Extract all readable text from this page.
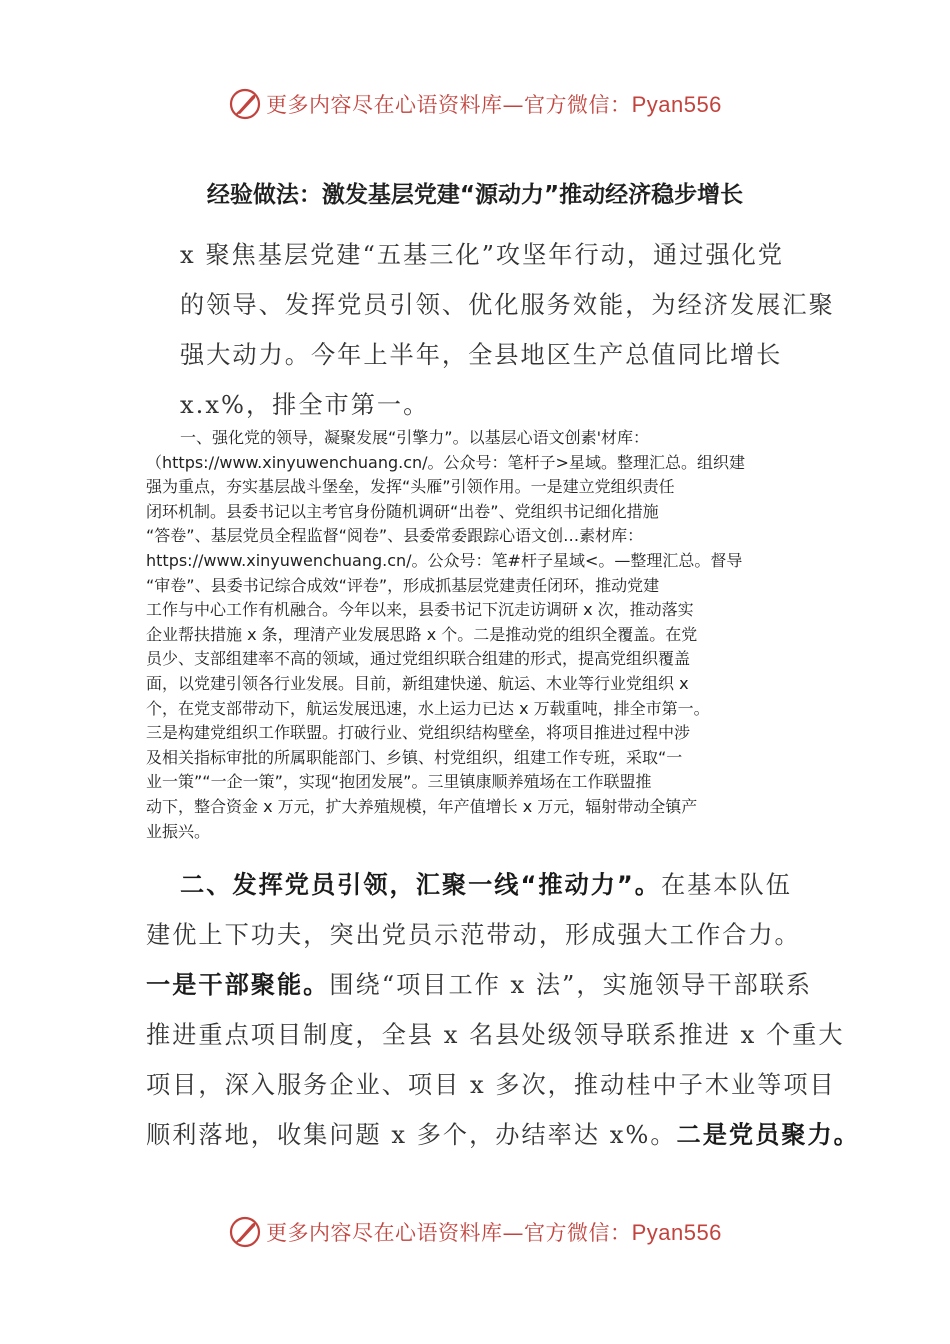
更多内容尽在心语资料库—官方微信：Pyan556
经验做法：激发基层党建“源动力”推动经济稳步增长
x 聚焦基层党建“五基三化”攻坚年行动，通过强化党
的领导、发挥党员引领、优化服务效能，为经济发展汇聚
强大动力。今年上半年，全县地区生产总值同比增长
x.x%，排全市第一。
一、强化党的领导，凝聚发展“引擎力”。以基层心语文创素'材库：
（https://www.xinyuwenchuang.cn/。公众号：笔杆子>星域。整理汇总。组织建
强为重点，夯实基层战斗堡垒，发挥“头雁”引领作用。一是建立党组织责任
闭环机制。县委书记以主考官身份随机调研“出卷”、党组织书记细化措施
“答卷”、基层党员全程监督“阅卷”、县委常委跟踪心语文创…素材库：
https://www.xinyuwenchuang.cn/。公众号：笔#杆子星域<。—整理汇总。督导
“审卷”、县委书记综合成效“评卷”，形成抓基层党建责任闭环，推动党建
工作与中心工作有机融合。今年以来，县委书记下沉走访调研 x 次，推动落实
企业帮扶措施 x 条，理清产业发展思路 x 个。二是推动党的组织全覆盖。在党
员少、支部组建率不高的领域，通过党组织联合组建的形式，提高党组织覆盖
面，以党建引领各行业发展。目前，新组建快递、航运、木业等行业党组织 x
个，在党支部带动下，航运发展迅速，水上运力已达 x 万载重吨，排全市第一。
三是构建党组织工作联盟。打破行业、党组织结构壁垒，将项目推进过程中涉
及相关指标审批的所属职能部门、乡镇、村党组织，组建工作专班，采取“一
业一策”“一企一策”，实现“抱团发展”。三里镇康顺养殖场在工作联盟推
动下，整合资金 x 万元，扩大养殖规模，年产值增长 x 万元，辐射带动全镇产
业振兴。
二、发挥党员引领，汇聚一线“推动力”。在基本队伍
建优上下功夫，突出党员示范带动，形成强大工作合力。
一是干部聚能。围绕“项目工作 x 法”，实施领导干部联系
推进重点项目制度，全县 x 名县处级领导联系推进 x 个重大
项目，深入服务企业、项目 x 多次，推动桂中子木业等项目
顺利落地，收集问题 x 多个，办结率达 x%。二是党员聚力。
更多内容尽在心语资料库—官方微信：Pyan556
